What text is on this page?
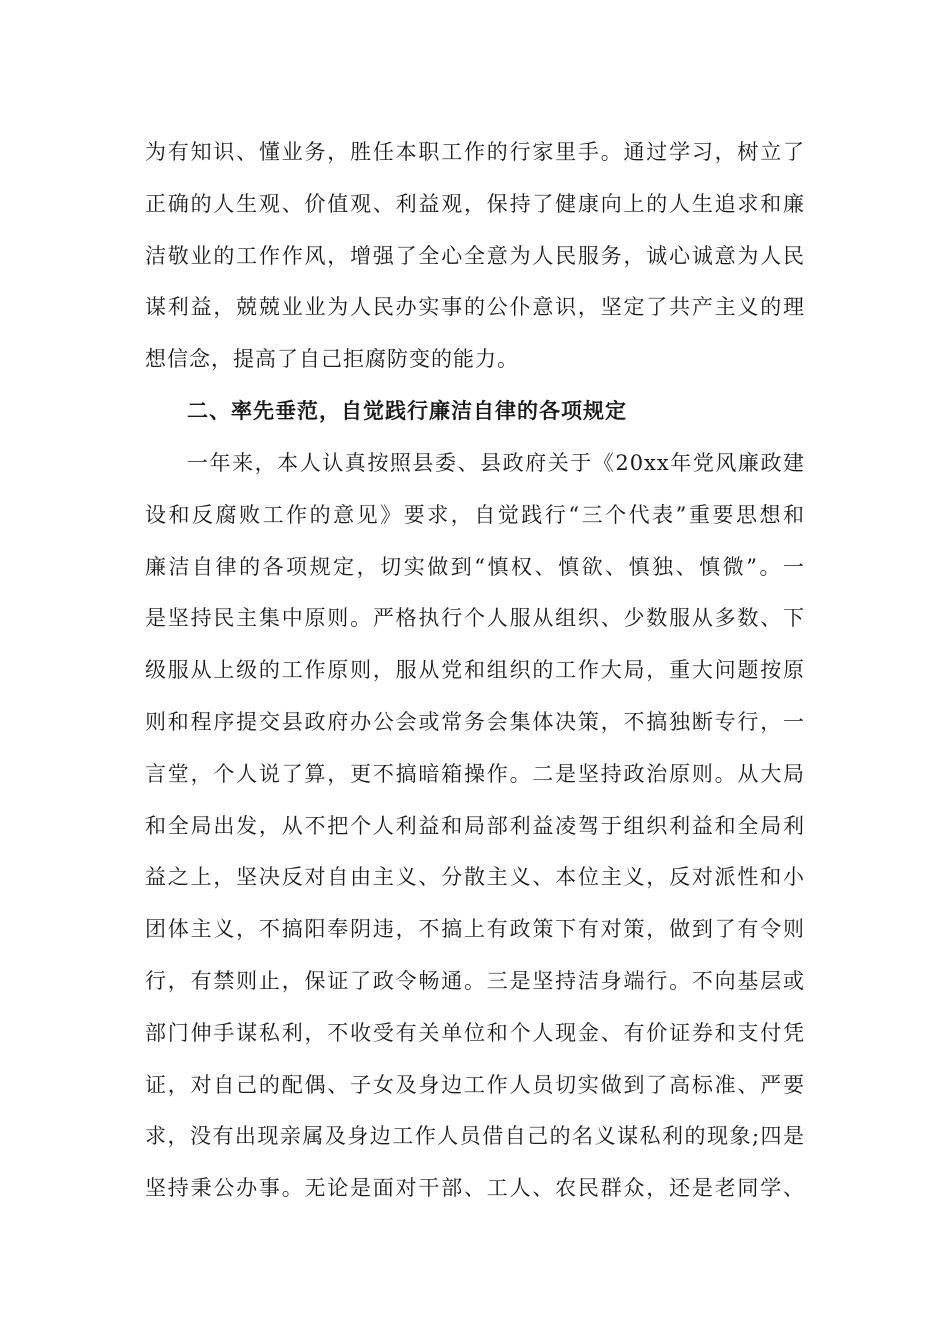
为有知识、懂业务，胜任本职工作的行家里手。通过学习，树立了
正确的人生观、价值观、利益观，保持了健康向上的人生追求和廉
洁敬业的工作作风，增强了全心全意为人民服务，诚心诚意为人民
谋利益，兢兢业业为人民办实事的公仆意识，坚定了共产主义的理
想信念，提高了自己拒腐防变的能力。
二、率先垂范，自觉践行廉洁自律的各项规定
一年来，本人认真按照县委、县政府关于《20xx年党风廉政建
设和反腐败工作的意见》要求，自觉践行“三个代表”重要思想和
廉洁自律的各项规定，切实做到“慎权、慎欲、慎独、慎微”。一
是坚持民主集中原则。严格执行个人服从组织、少数服从多数、下
级服从上级的工作原则，服从党和组织的工作大局，重大问题按原
则和程序提交县政府办公会或常务会集体决策，不搞独断专行，一
言堂，个人说了算，更不搞暗箱操作。二是坚持政治原则。从大局
和全局出发，从不把个人利益和局部利益凌驾于组织利益和全局利
益之上，坚决反对自由主义、分散主义、本位主义，反对派性和小
团体主义，不搞阳奉阴违，不搞上有政策下有对策，做到了有令则
行，有禁则止，保证了政令畅通。三是坚持洁身端行。不向基层或
部门伸手谋私利，不收受有关单位和个人现金、有价证券和支付凭
证，对自己的配偶、子女及身边工作人员切实做到了高标准、严要
求，没有出现亲属及身边工作人员借自己的名义谋私利的现象;四是
坚持秉公办事。无论是面对干部、工人、农民群众，还是老同学、
